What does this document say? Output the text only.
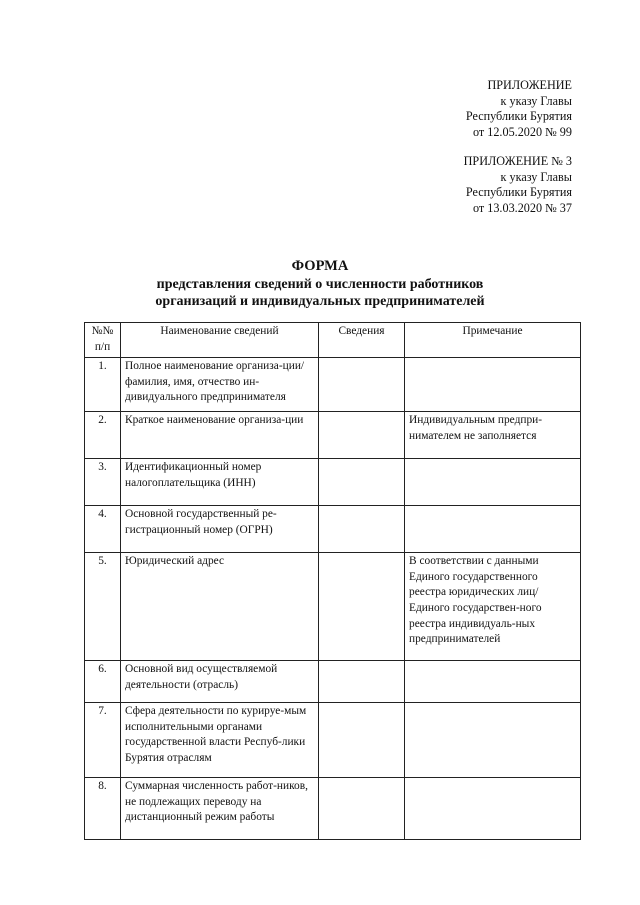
ПРИЛОЖЕНИЕ
к указу Главы
Республики Бурятия
от 12.05.2020 № 99
ПРИЛОЖЕНИЕ № 3
к указу Главы
Республики Бурятия
от 13.03.2020 № 37
ФОРМА
представления сведений о численности работников
организаций и индивидуальных предпринимателей
№№ п/п	Наименование сведений	Сведения	Примечание
1.	Полное наименование организа-ции/фамилия, имя, отчество ин-дивидуального предпринимателя		
2.	Краткое наименование организа-ции		Индивидуальным предпри-нимателем не заполняется
3.	Идентификационный номер налогоплательщика (ИНН)		
4.	Основной государственный ре-гистрационный номер (ОГРН)		
5.	Юридический адрес		В соответствии с данными Единого государственного реестра юридических лиц/Единого государствен-ного реестра индивидуаль-ных предпринимателей
6.	Основной вид осуществляемой деятельности (отрасль)		
7.	Сфера деятельности по курируе-мым исполнительными органами государственной власти Респуб-лики Бурятия отраслям		
8.	Суммарная численность работ-ников, не подлежащих переводу на дистанционный режим работы		
